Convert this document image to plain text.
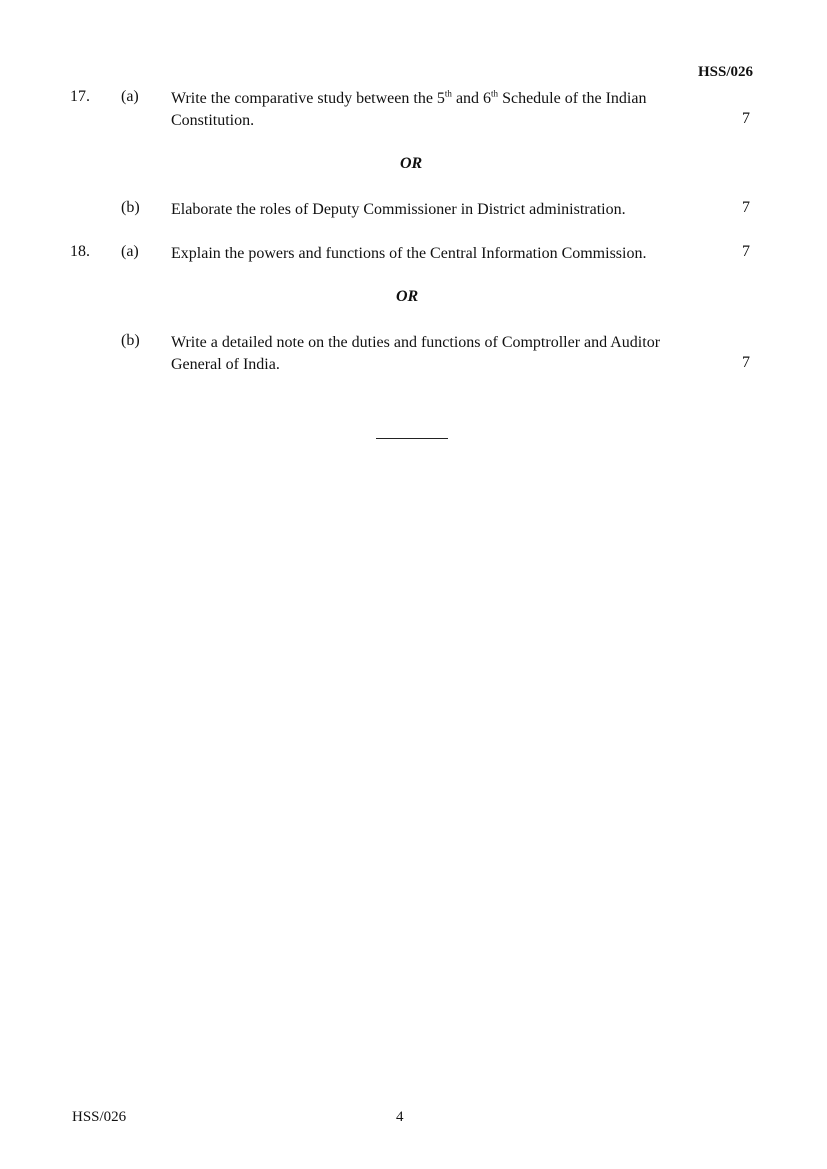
HSS/026
17. (a) Write the comparative study between the 5th and 6th Schedule of the Indian
Constitution.	7
OR
(b) Elaborate the roles of Deputy Commissioner in District administration.	7
18. (a) Explain the powers and functions of the Central Information Commission.	7
OR
(b) Write a detailed note on the duties and functions of Comptroller and Auditor
General of India.	7
HSS/026	4
